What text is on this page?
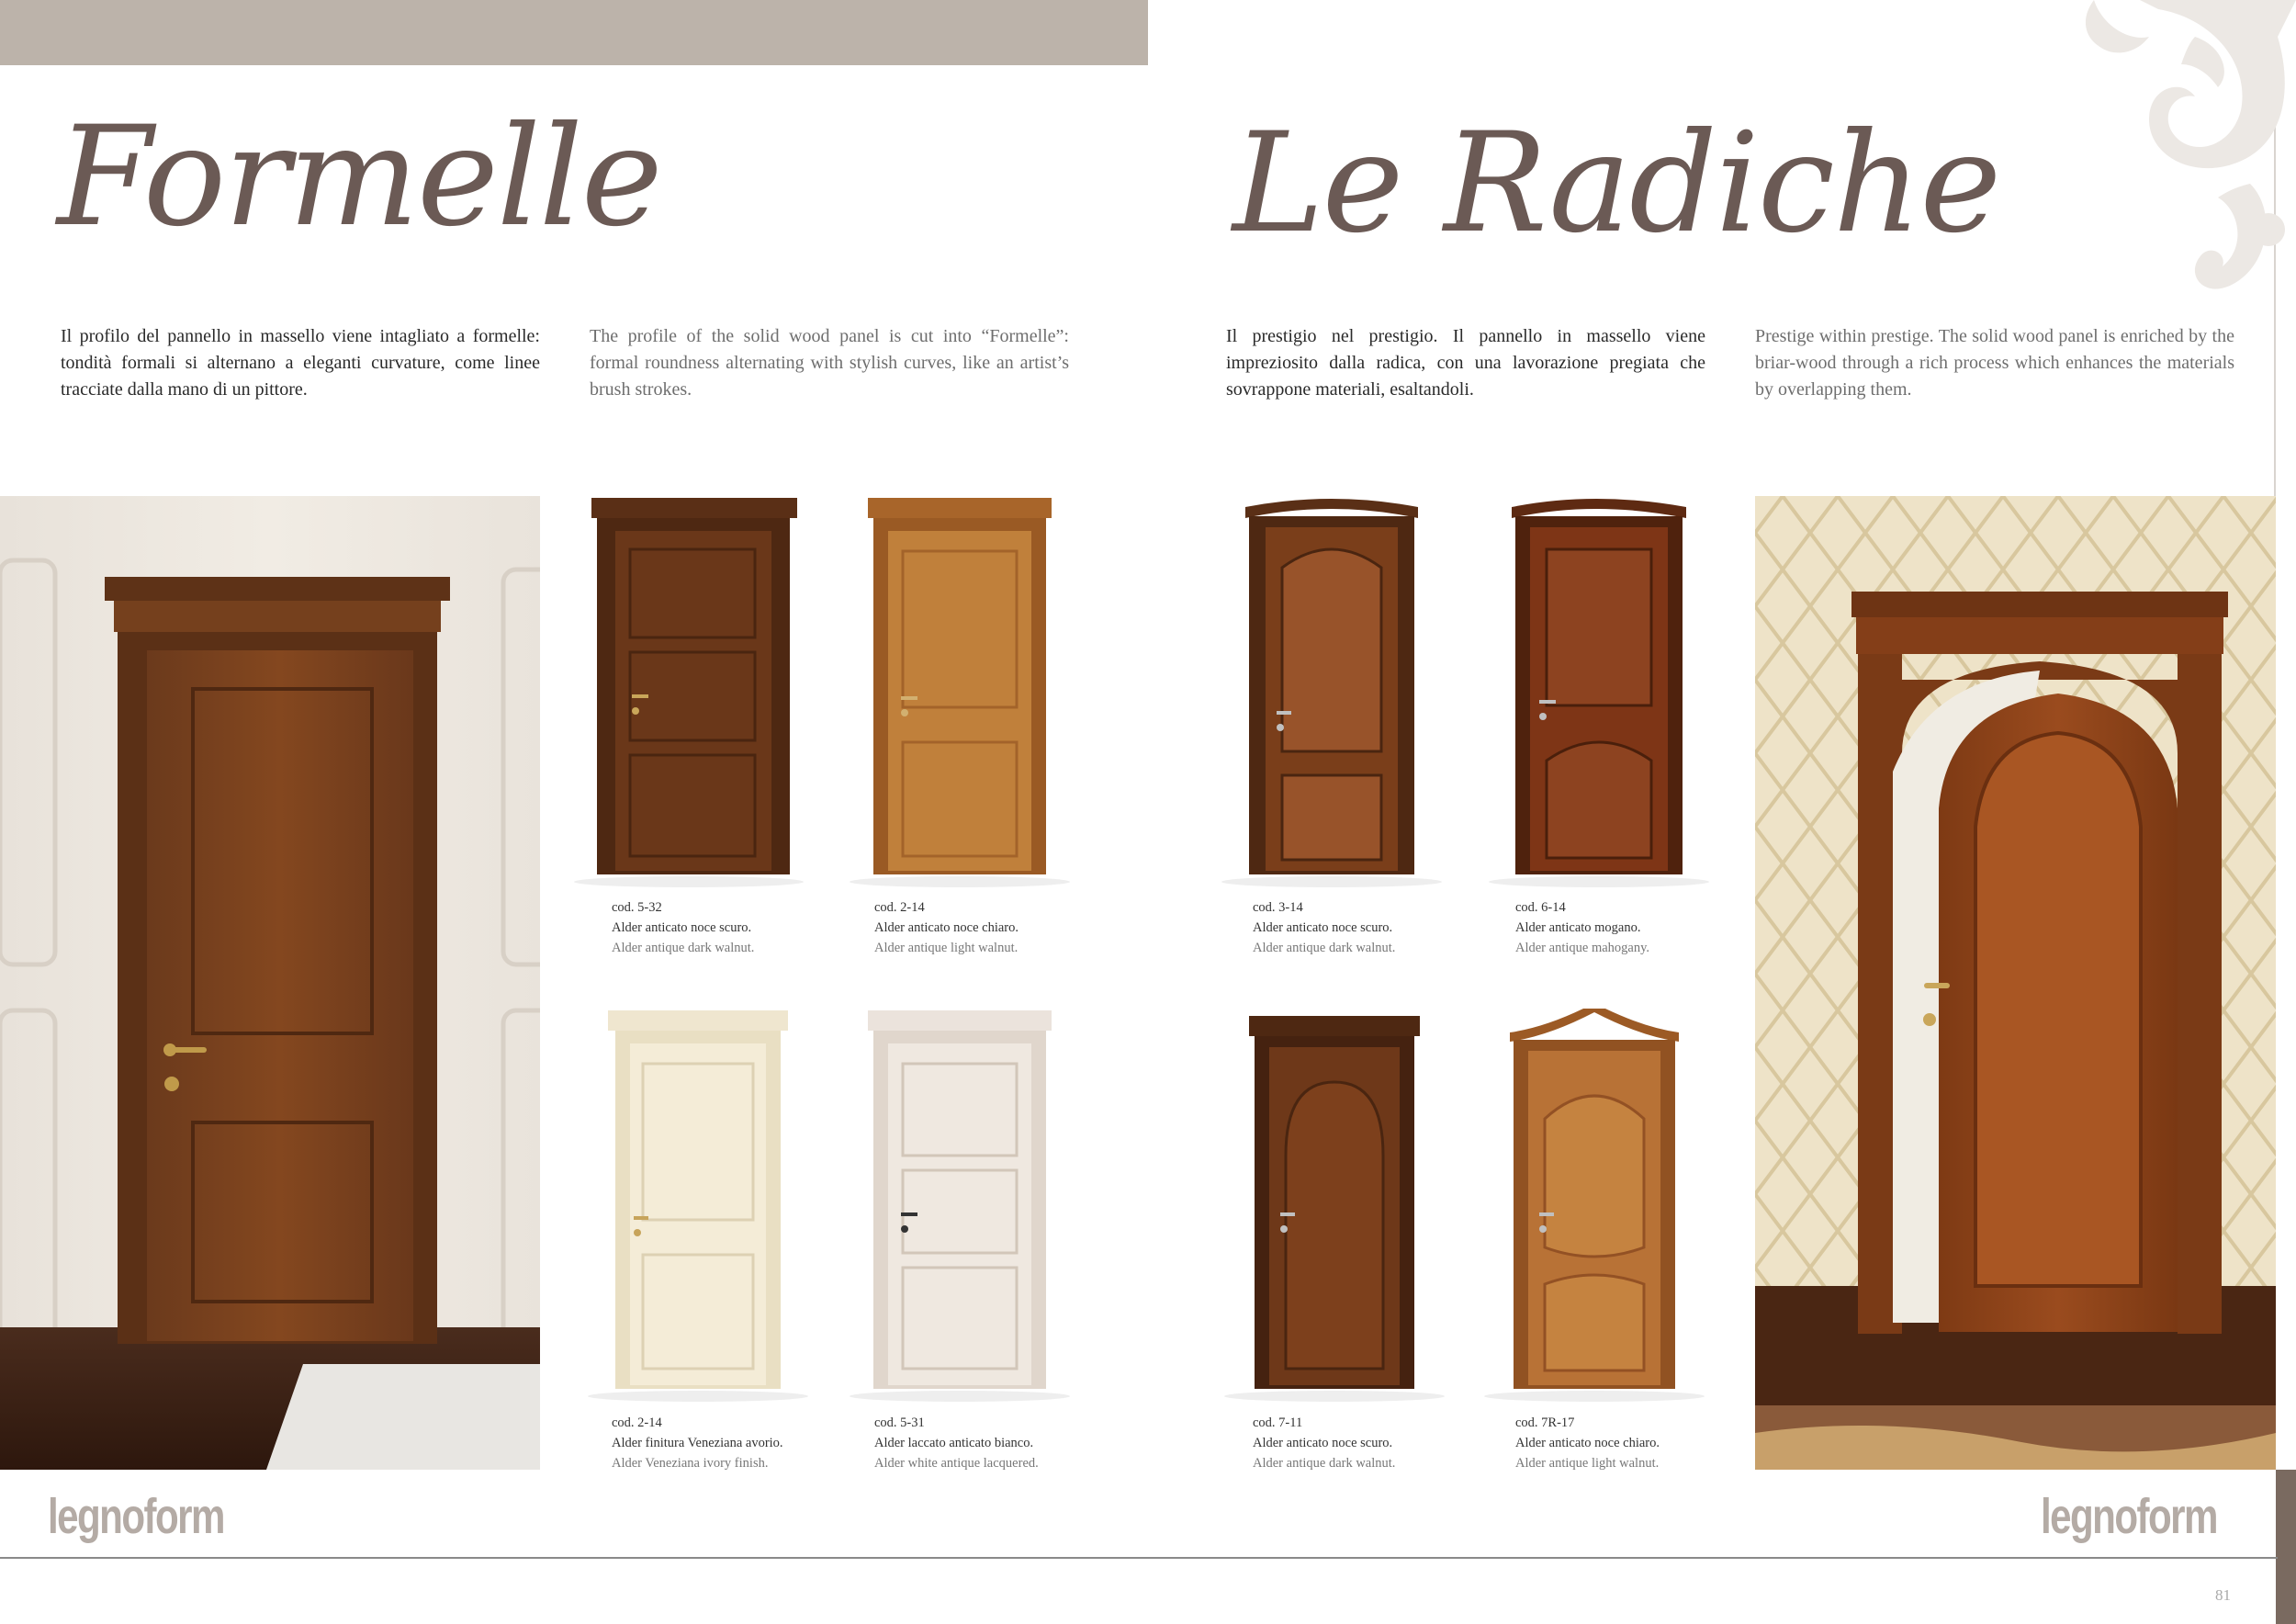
Formelle
Il profilo del pannello in massello viene intagliato a formelle: tondità formali si alternano a eleganti curvature, come linee tracciate dalla mano di un pittore.
The profile of the solid wood panel is cut into “Formelle”: formal roundness alternating with stylish curves, like an artist’s brush strokes.
cod. 5-32
Alder anticato noce scuro.
Alder antique dark walnut.
cod. 2-14
Alder anticato noce chiaro.
Alder antique light walnut.
cod. 2-14
Alder finitura Veneziana avorio.
Alder Veneziana ivory finish.
cod. 5-31
Alder laccato anticato bianco.
Alder white antique lacquered.
legnoform
Le Radiche
Il prestigio nel prestigio. Il pannello in massello viene impreziosito dalla radica, con una lavorazione pregiata che sovrappone materiali, esaltandoli.
Prestige within prestige. The solid wood panel is enriched by the briar-wood through a rich process which enhances the materials by overlapping them.
cod. 3-14
Alder anticato noce scuro.
Alder antique dark walnut.
cod. 6-14
Alder anticato mogano.
Alder antique mahogany.
cod. 7-11
Alder anticato noce scuro.
Alder antique dark walnut.
cod. 7R-17
Alder anticato noce chiaro.
Alder antique light walnut.
legnoform
81
